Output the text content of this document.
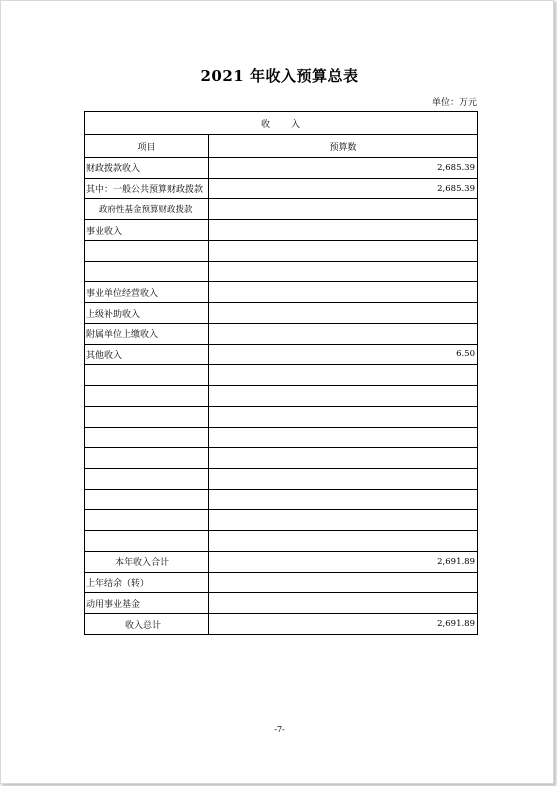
2021 年收入预算总表
单位：万元
收　　入
项目	预算数
财政拨款收入	2,685.39
其中：一般公共预算财政拨款	2,685.39
政府性基金预算财政拨款
事业收入
事业单位经营收入
上级补助收入
附属单位上缴收入
其他收入	6.50
本年收入合计	2,691.89
上年结余（转）
动用事业基金
收入总计	2,691.89
-7-
